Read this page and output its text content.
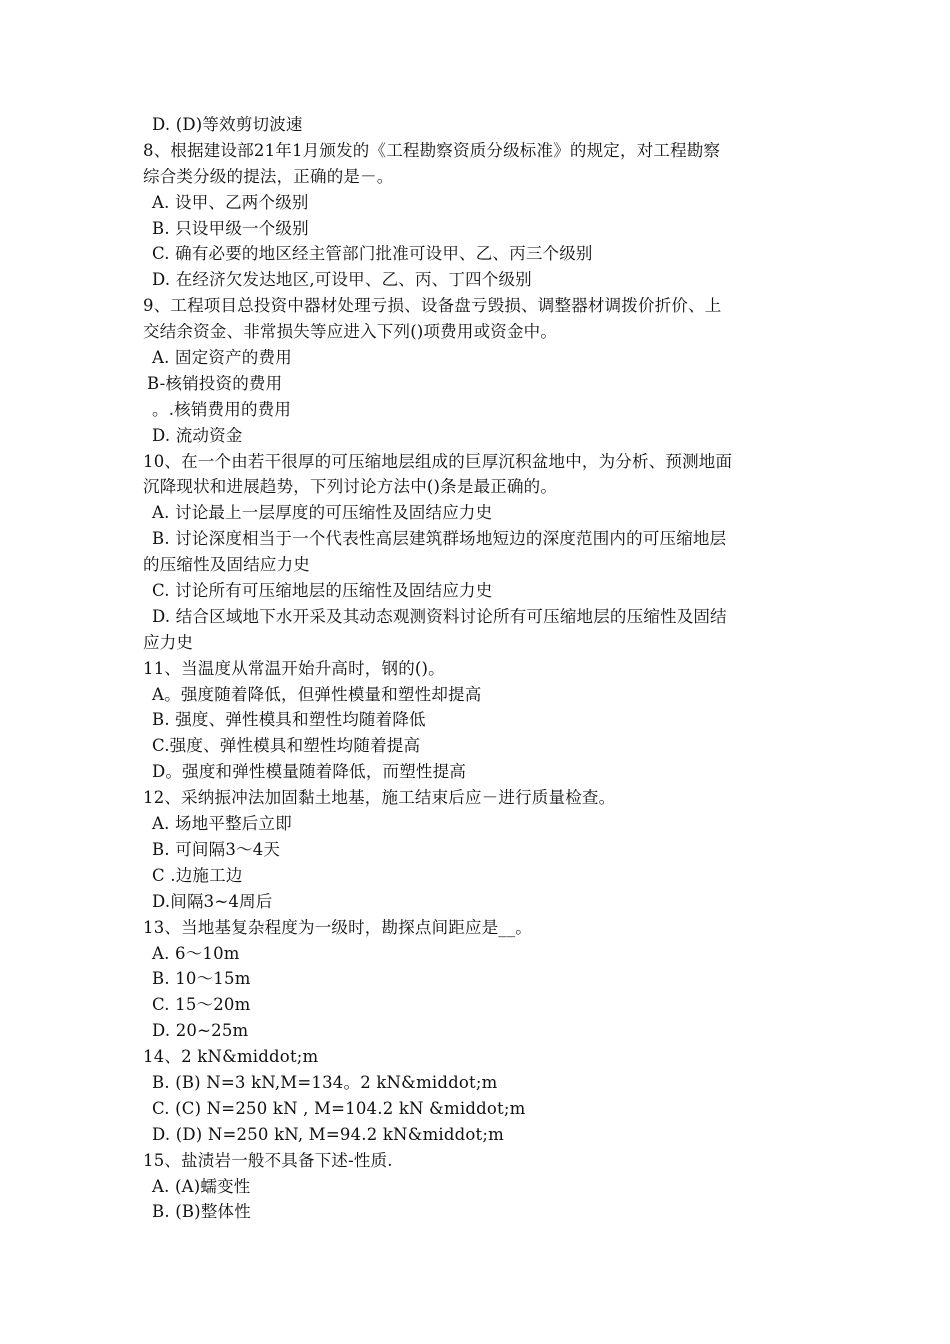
D. (D)等效剪切波速
8、根据建设部21年1月颁发的《工程勘察资质分级标准》的规定，对工程勘察
综合类分级的提法，正确的是－。
A. 设甲、乙两个级别
B. 只设甲级一个级别
C. 确有必要的地区经主管部门批准可设甲、乙、丙三个级别
D. 在经济欠发达地区,可设甲、乙、丙、丁四个级别
9、工程项目总投资中器材处理亏损、设备盘亏毁损、调整器材调拨价折价、上
交结余资金、非常损失等应进入下列()项费用或资金中。
A. 固定资产的费用
B-核销投资的费用
。.核销费用的费用
D. 流动资金
10、在一个由若干很厚的可压缩地层组成的巨厚沉积盆地中，为分析、预测地面
沉降现状和进展趋势，下列讨论方法中()条是最正确的。
A. 讨论最上一层厚度的可压缩性及固结应力史
B. 讨论深度相当于一个代表性高层建筑群场地短边的深度范围内的可压缩地层
的压缩性及固结应力史
C. 讨论所有可压缩地层的压缩性及固结应力史
D. 结合区域地下水开采及其动态观测资料讨论所有可压缩地层的压缩性及固结
应力史
11、当温度从常温开始升高时，钢的()。
A。强度随着降低，但弹性模量和塑性却提高
B. 强度、弹性模具和塑性均随着降低
C.强度、弹性模具和塑性均随着提高
D。强度和弹性模量随着降低，而塑性提高
12、采纳振冲法加固黏土地基，施工结束后应－进行质量检查。
A. 场地平整后立即
B. 可间隔3〜4天
C .边施工边
D.间隔3~4周后
13、当地基复杂程度为一级时，勘探点间距应是__。
A. 6〜10m
B. 10〜15m
C. 15〜20m
D. 20~25m
14、2 kN&middot;m
B. (B) N=3 kN,M=134。2 kN&middot;m
C. (C) N=250 kN , M=104.2 kN &middot;m
D. (D) N=250 kN, M=94.2 kN&middot;m
15、盐渍岩一般不具备下述-性质.
A. (A)蠕变性
B. (B)整体性
